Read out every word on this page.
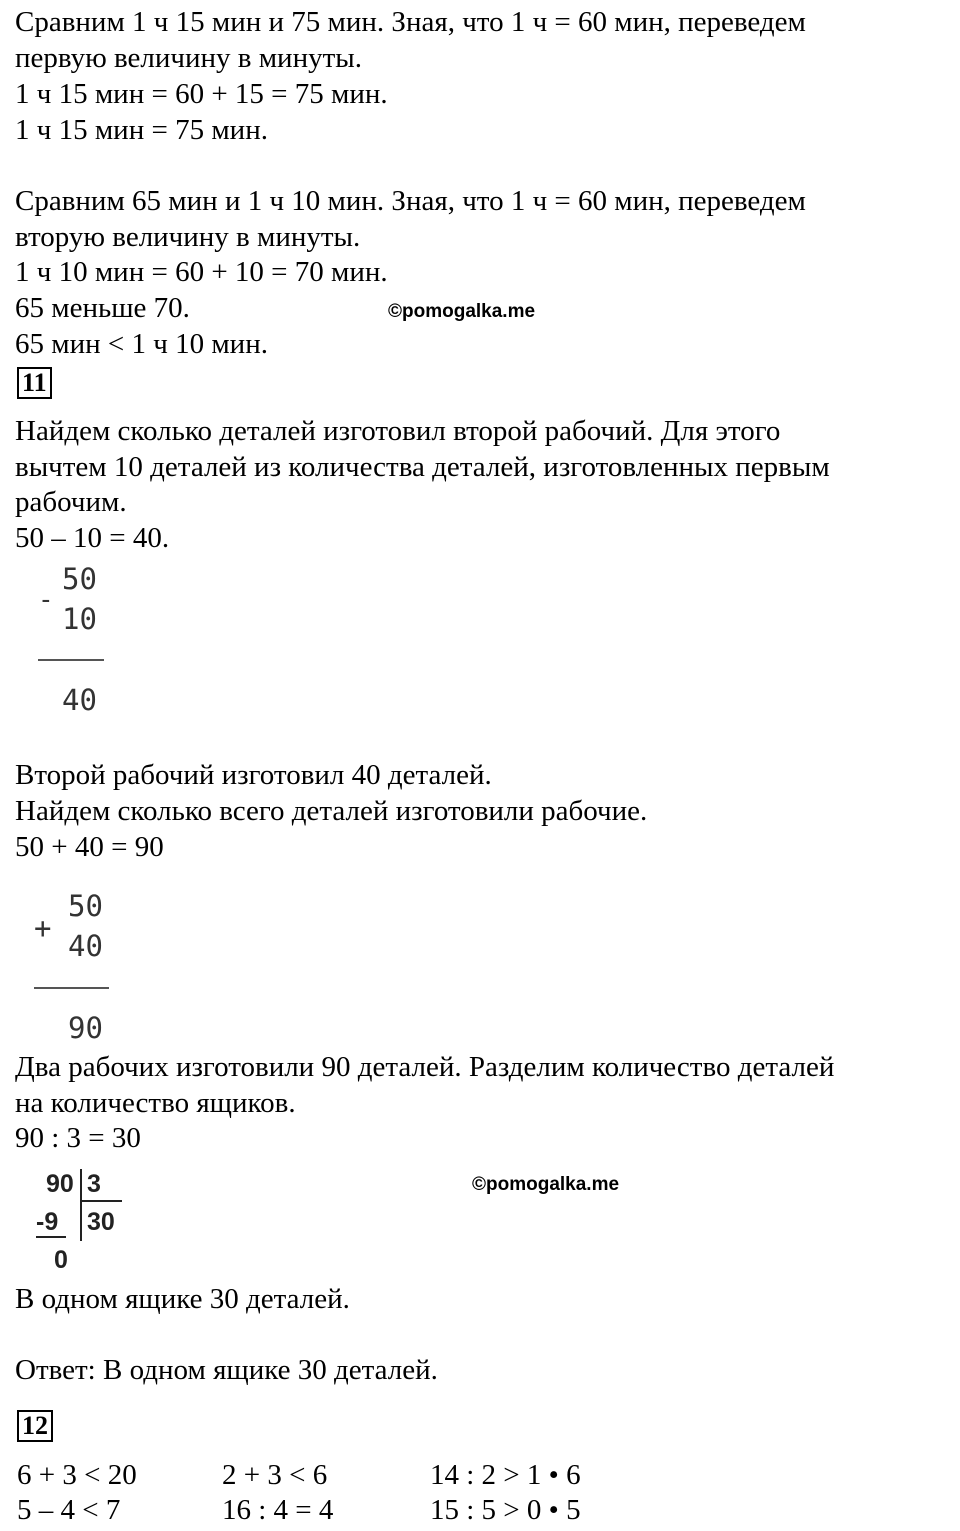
Сравним 1 ч 15 мин и 75 мин. Зная, что 1 ч = 60 мин, переведем
первую величину в минуты.
1 ч 15 мин = 60 + 15 = 75 мин.
1 ч 15 мин = 75 мин.
Сравним 65 мин и 1 ч 10 мин. Зная, что 1 ч = 60 мин, переведем
вторую величину в минуты.
1 ч 10 мин = 60 + 10 = 70 мин.
65 меньше 70.
65 мин < 1 ч 10 мин.
©pomogalka.me
11
Найдем сколько деталей изготовил второй рабочий. Для этого
вычтем 10 деталей из количества деталей, изготовленных первым
рабочим.
50 – 10 = 40.
-
50
10
40
Второй рабочий изготовил 40 деталей.
Найдем сколько всего деталей изготовили рабочие.
50 + 40 = 90
+
50
40
90
Два рабочих изготовили 90 деталей. Разделим количество деталей
на количество ящиков.
90 : 3 = 30
90 3
-9 30
0
©pomogalka.me
В одном ящике 30 деталей.
Ответ: В одном ящике 30 деталей.
12
6 + 3 < 20	2 + 3 < 6	14 : 2 > 1 • 6
5 – 4 < 7	16 : 4 = 4	15 : 5 > 0 • 5
